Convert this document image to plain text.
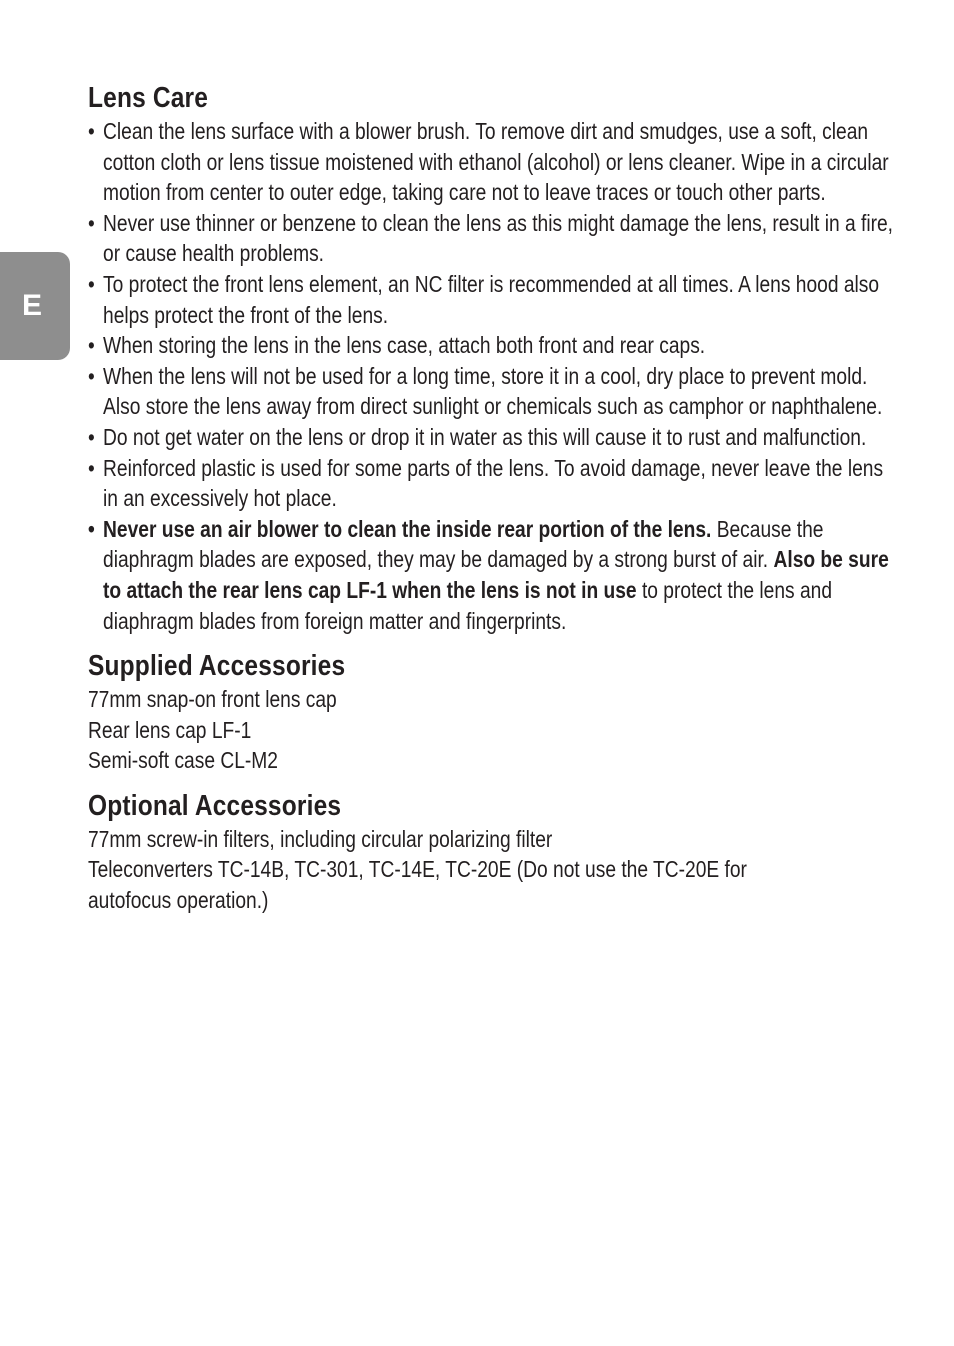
E
Lens Care
• Clean the lens surface with a blower brush. To remove dirt and smudges, use a soft, clean cotton cloth or lens tissue moistened with ethanol (alcohol) or lens cleaner. Wipe in a circular motion from center to outer edge, taking care not to leave traces or touch other parts.
• Never use thinner or benzene to clean the lens as this might damage the lens, result in a fire, or cause health problems.
• To protect the front lens element, an NC filter is recommended at all times. A lens hood also helps protect the front of the lens.
• When storing the lens in the lens case, attach both front and rear caps.
• When the lens will not be used for a long time, store it in a cool, dry place to prevent mold. Also store the lens away from direct sunlight or chemicals such as camphor or naphthalene.
• Do not get water on the lens or drop it in water as this will cause it to rust and malfunction.
• Reinforced plastic is used for some parts of the lens. To avoid damage, never leave the lens in an excessively hot place.
• Never use an air blower to clean the inside rear portion of the lens. Because the diaphragm blades are exposed, they may be damaged by a strong burst of air. Also be sure to attach the rear lens cap LF-1 when the lens is not in use to protect the lens and diaphragm blades from foreign matter and fingerprints.
Supplied Accessories
77mm snap-on front lens cap
Rear lens cap LF-1
Semi-soft case CL-M2
Optional Accessories
77mm screw-in filters, including circular polarizing filter
Teleconverters TC-14B, TC-301, TC-14E, TC-20E (Do not use the TC-20E for
autofocus operation.)
